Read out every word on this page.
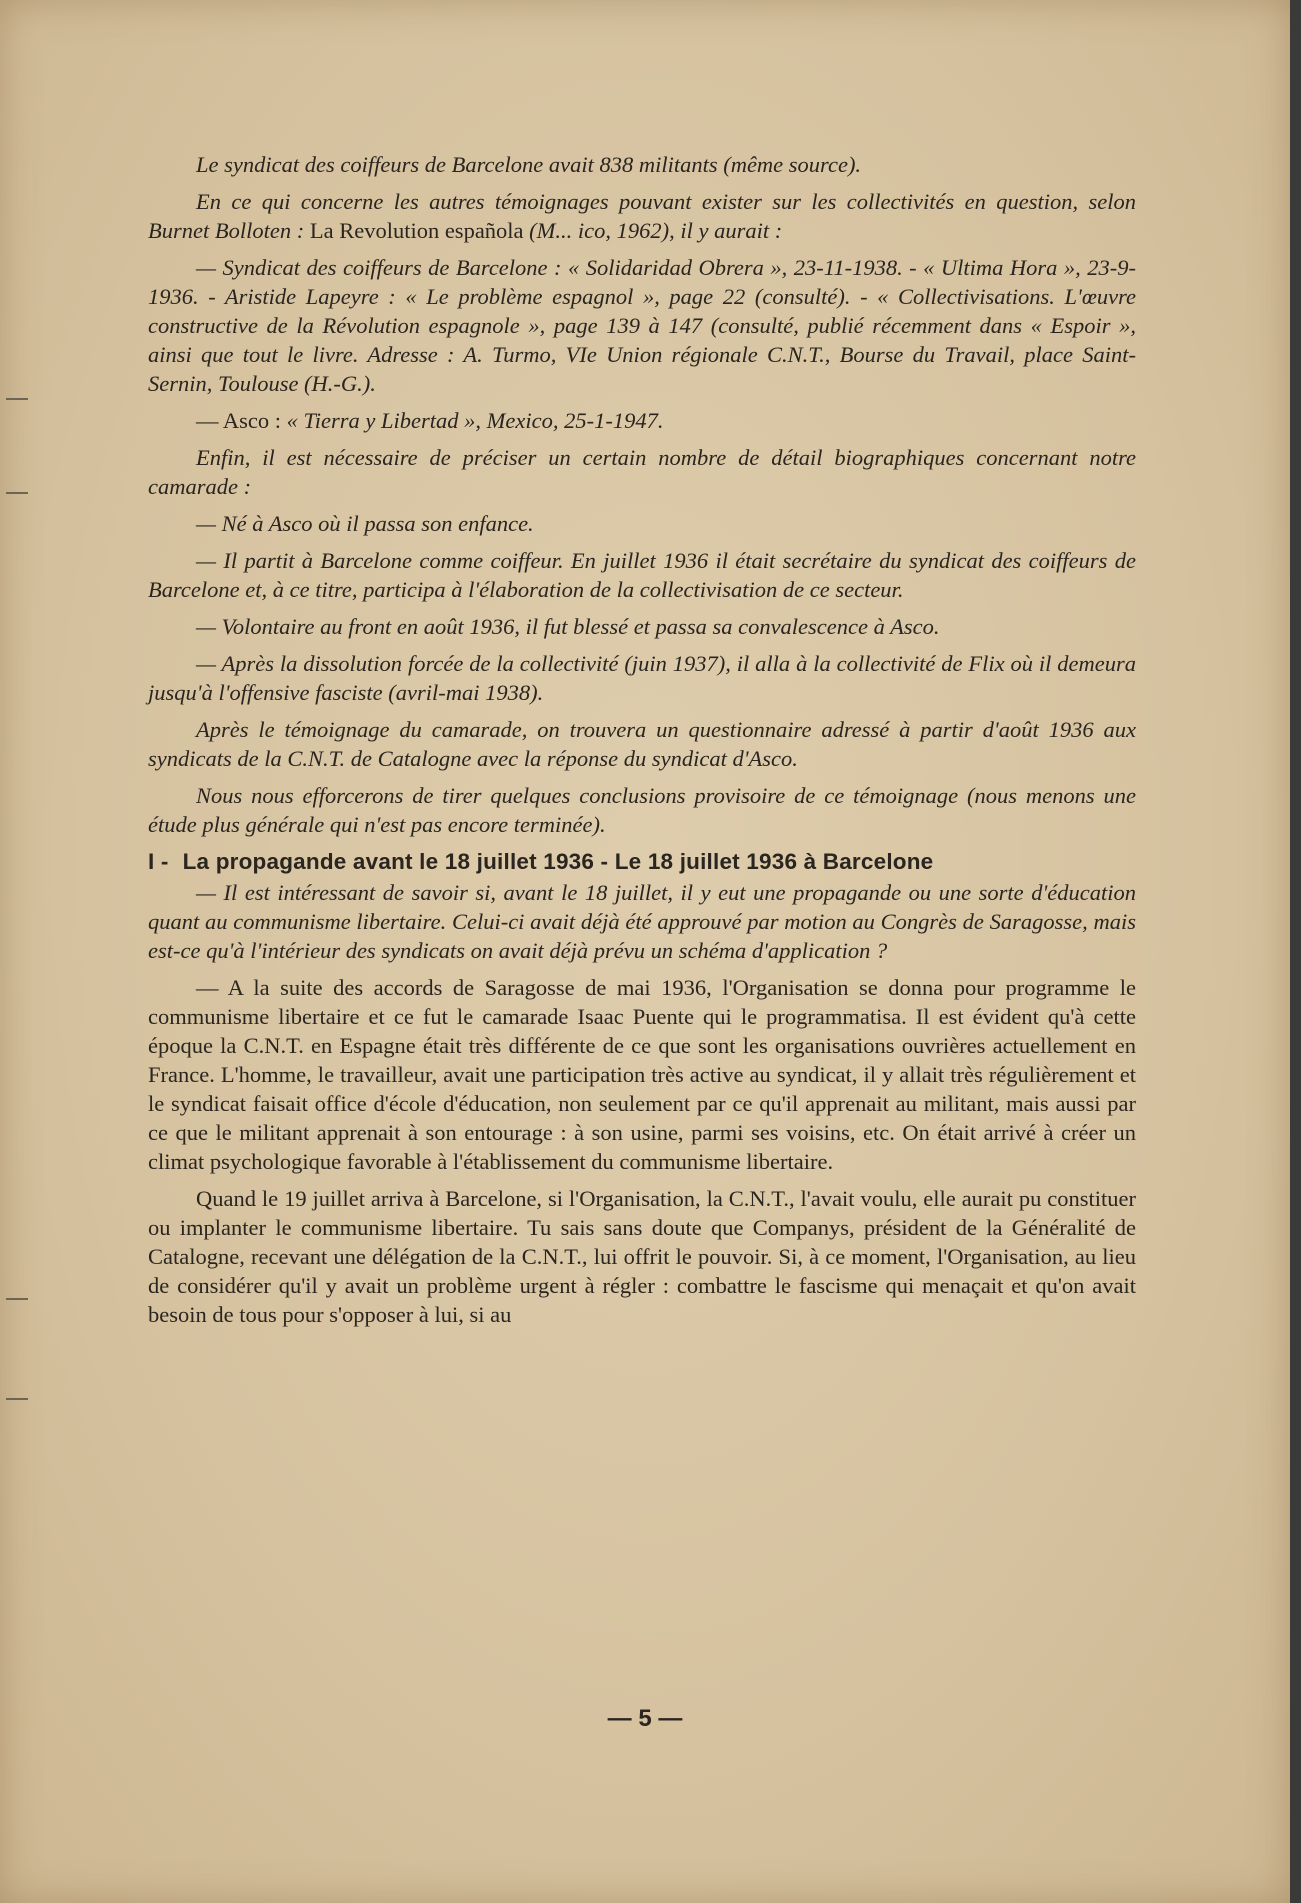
Le syndicat des coiffeurs de Barcelone avait 838 militants (même source).

En ce qui concerne les autres témoignages pouvant exister sur les collectivités en question, selon Burnet Bolloten : La Revolution española (M... ico, 1962), il y aurait :

— Syndicat des coiffeurs de Barcelone : « Solidaridad Obrera », 23-11-1938. - « Ultima Hora », 23-9-1936. - Aristide Lapeyre : « Le problème espagnol », page 22 (consulté). - « Collectivisations. L'œuvre constructive de la Révolution espagnole », page 139 à 147 (consulté, publié récemment dans « Espoir », ainsi que tout le livre. Adresse : A. Turmo, VIe Union régionale C.N.T., Bourse du Travail, place Saint-Sernin, Toulouse (H.-G.).

— Asco : « Tierra y Libertad », Mexico, 25-1-1947.

Enfin, il est nécessaire de préciser un certain nombre de détail biographiques concernant notre camarade :

— Né à Asco où il passa son enfance.

— Il partit à Barcelone comme coiffeur. En juillet 1936 il était secrétaire du syndicat des coiffeurs de Barcelone et, à ce titre, participa à l'élaboration de la collectivisation de ce secteur.

— Volontaire au front en août 1936, il fut blessé et passa sa convalescence à Asco.

— Après la dissolution forcée de la collectivité (juin 1937), il alla à la collectivité de Flix où il demeura jusqu'à l'offensive fasciste (avril-mai 1938).

Après le témoignage du camarade, on trouvera un questionnaire adressé à partir d'août 1936 aux syndicats de la C.N.T. de Catalogne avec la réponse du syndicat d'Asco.

Nous nous efforcerons de tirer quelques conclusions provisoire de ce témoignage (nous menons une étude plus générale qui n'est pas encore terminée).

I - La propagande avant le 18 juillet 1936 - Le 18 juillet 1936 à Barcelone

— Il est intéressant de savoir si, avant le 18 juillet, il y eut une propagande ou une sorte d'éducation quant au communisme libertaire. Celui-ci avait déjà été approuvé par motion au Congrès de Saragosse, mais est-ce qu'à l'intérieur des syndicats on avait déjà prévu un schéma d'application ?

— A la suite des accords de Saragosse de mai 1936, l'Organisation se donna pour programme le communisme libertaire et ce fut le camarade Isaac Puente qui le programmatisa. Il est évident qu'à cette époque la C.N.T. en Espagne était très différente de ce que sont les organisations ouvrières actuellement en France. L'homme, le travailleur, avait une participation très active au syndicat, il y allait très régulièrement et le syndicat faisait office d'école d'éducation, non seulement par ce qu'il apprenait au militant, mais aussi par ce que le militant apprenait à son entourage : à son usine, parmi ses voisins, etc. On était arrivé à créer un climat psychologique favorable à l'établissement du communisme libertaire.

Quand le 19 juillet arriva à Barcelone, si l'Organisation, la C.N.T., l'avait voulu, elle aurait pu constituer ou implanter le communisme libertaire. Tu sais sans doute que Companys, président de la Généralité de Catalogne, recevant une délégation de la C.N.T., lui offrit le pouvoir. Si, à ce moment, l'Organisation, au lieu de considérer qu'il y avait un problème urgent à régler : combattre le fascisme qui menaçait et qu'on avait besoin de tous pour s'opposer à lui, si au

— 5 —
